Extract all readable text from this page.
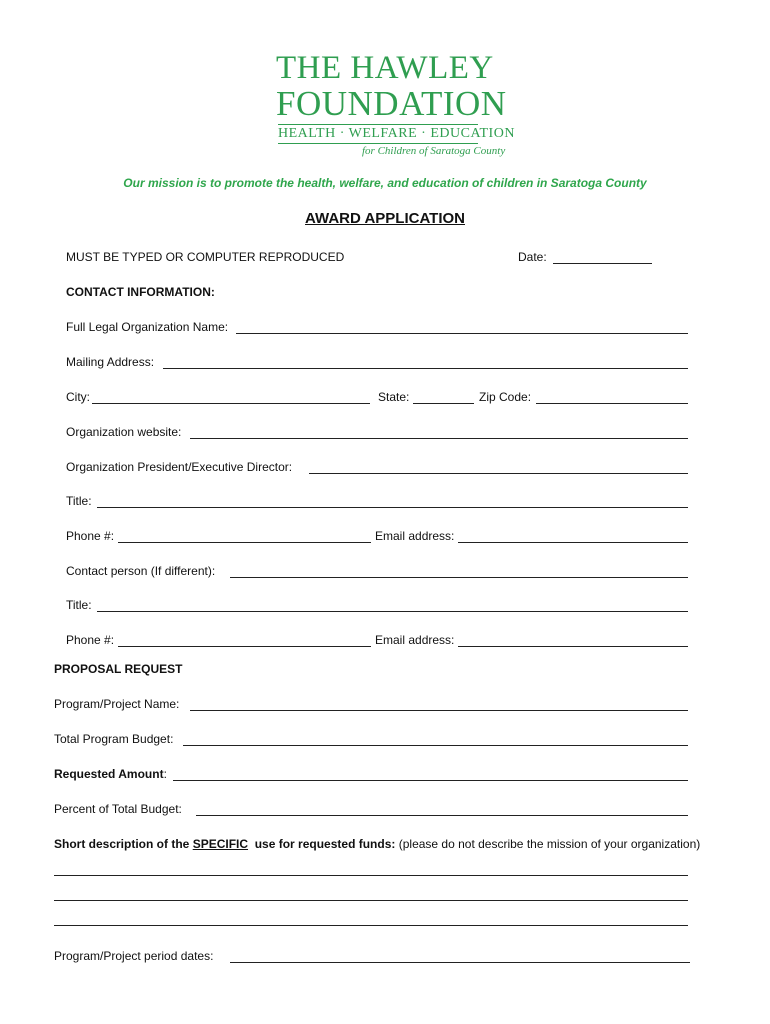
THE HAWLEY
FOUNDATION
HEALTH · WELFARE · EDUCATION
for Children of Saratoga County
Our mission is to promote the health, welfare, and education of children in Saratoga County
AWARD APPLICATION
MUST BE TYPED OR COMPUTER REPRODUCED	Date:
CONTACT INFORMATION:
Full Legal Organization Name:
Mailing Address:
City:	State:	Zip Code:
Organization website:
Organization President/Executive Director:
Title:
Phone #:	Email address:
Contact person (If different):
Title:
Phone #:	Email address:
PROPOSAL REQUEST
Program/Project Name:
Total Program Budget:
Requested Amount:
Percent of Total Budget:
Short description of the SPECIFIC use for requested funds: (please do not describe the mission of your organization)
Program/Project period dates:
